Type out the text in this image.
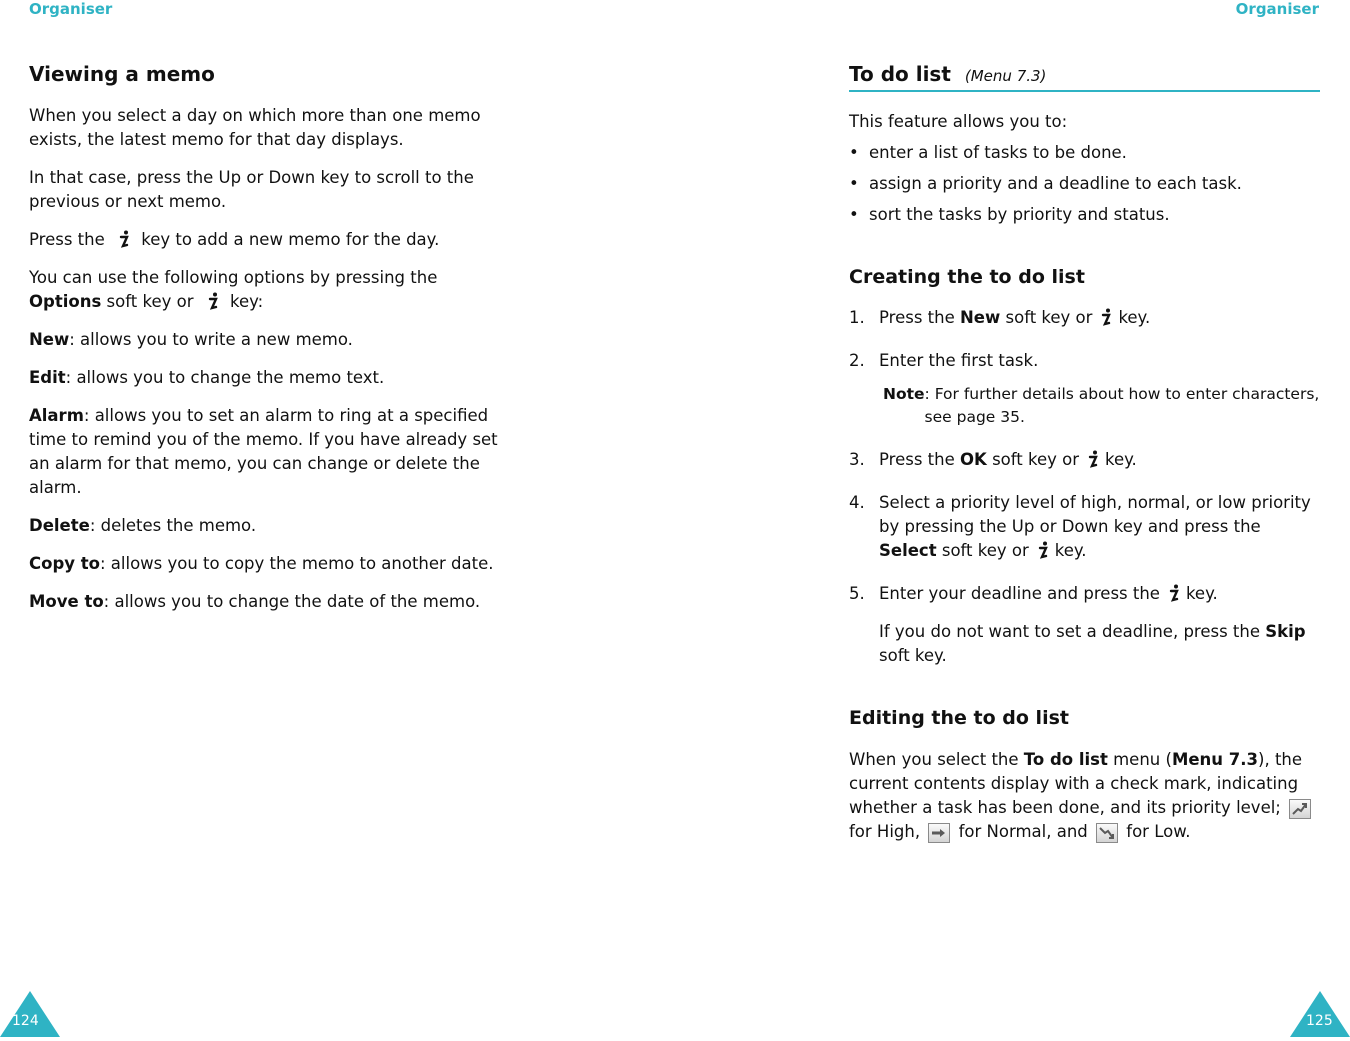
Organiser	Organiser
Viewing a memo

When you select a day on which more than one memo exists, the latest memo for that day displays.

In that case, press the Up or Down key to scroll to the previous or next memo.

Press the key to add a new memo for the day.

You can use the following options by pressing the Options soft key or key:

New: allows you to write a new memo.

Edit: allows you to change the memo text.

Alarm: allows you to set an alarm to ring at a specified time to remind you of the memo. If you have already set an alarm for that memo, you can change or delete the alarm.

Delete: deletes the memo.

Copy to: allows you to copy the memo to another date.

Move to: allows you to change the date of the memo.

To do list (Menu 7.3)

This feature allows you to:

• enter a list of tasks to be done.
• assign a priority and a deadline to each task.
• sort the tasks by priority and status.
Creating the to do list
1. Press the New soft key or key.
2. Enter the first task.
Note : For further details about how to enter characters, see page 35.
3. Press the OK soft key or key.
4. Select a priority level of high, normal, or low priority by pressing the Up or Down key and press the Select soft key or key.
5. Enter your deadline and press the key.

If you do not want to set a deadline, press the Skip soft key.

Editing the to do list

When you select the To do list menu (Menu 7.3), the current contents display with a check mark, indicating whether a task has been done, and its priority level;  for High, for Normal, and for Low.

124	125
